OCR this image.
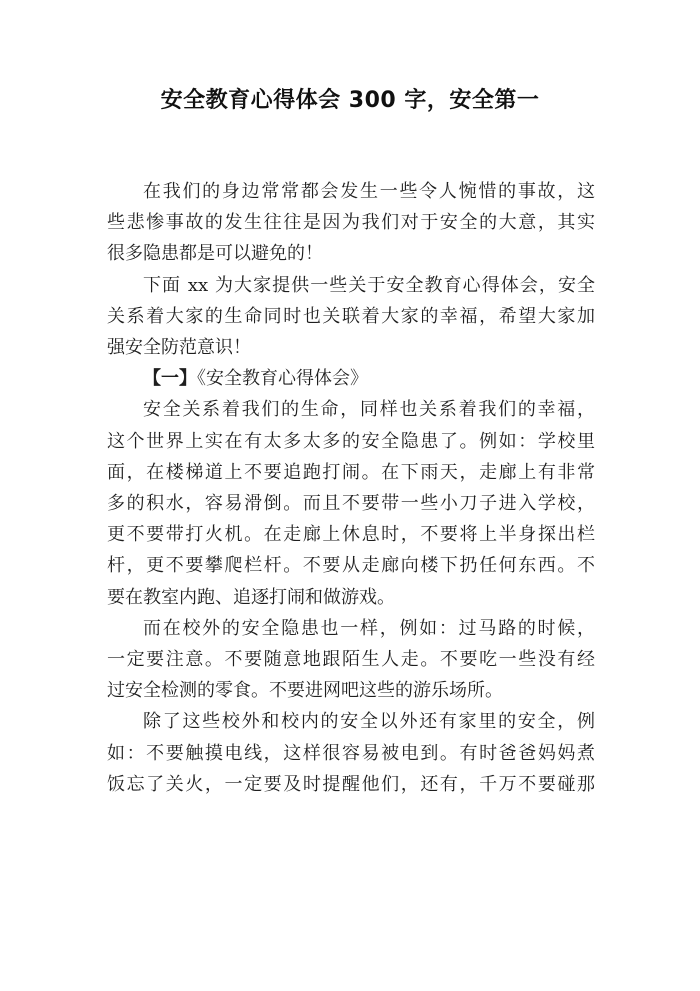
安全教育心得体会 300 字，安全第一

在我们的身边常常都会发生一些令人惋惜的事故，这
些悲惨事故的发生往往是因为我们对于安全的大意，其实
很多隐患都是可以避免的！

下面 xx 为大家提供一些关于安全教育心得体会，安全
关系着大家的生命同时也关联着大家的幸福，希望大家加
强安全防范意识！

【一】《安全教育心得体会》

安全关系着我们的生命，同样也关系着我们的幸福，
这个世界上实在有太多太多的安全隐患了。例如：学校里
面，在楼梯道上不要追跑打闹。在下雨天，走廊上有非常
多的积水，容易滑倒。而且不要带一些小刀子进入学校，
更不要带打火机。在走廊上休息时，不要将上半身探出栏
杆，更不要攀爬栏杆。不要从走廊向楼下扔任何东西。不
要在教室内跑、追逐打闹和做游戏。

而在校外的安全隐患也一样，例如：过马路的时候，
一定要注意。不要随意地跟陌生人走。不要吃一些没有经
过安全检测的零食。不要进网吧这些的游乐场所。

除了这些校外和校内的安全以外还有家里的安全，例
如：不要触摸电线，这样很容易被电到。有时爸爸妈妈煮
饭忘了关火，一定要及时提醒他们，还有，千万不要碰那
